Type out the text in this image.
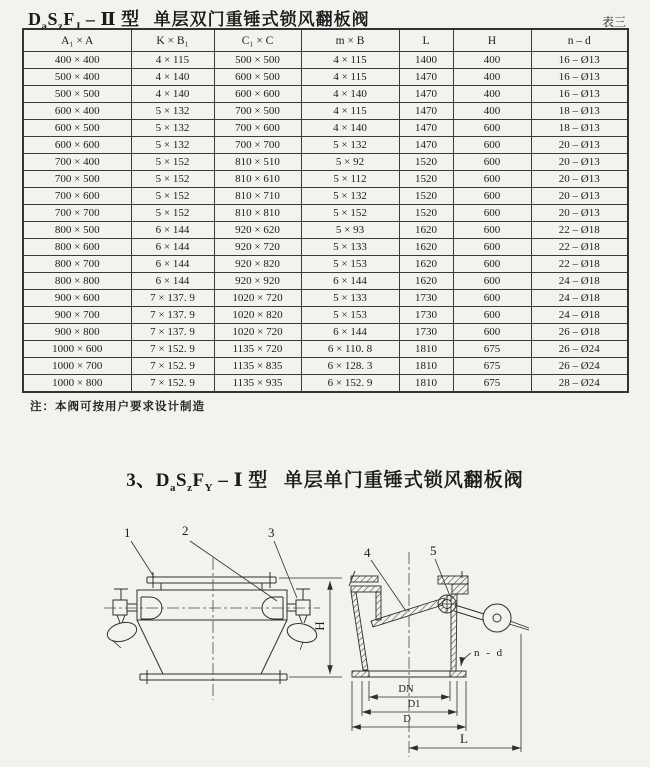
$D_aS_zF_J$ – Ⅱ 型 单层双门重锤式锁风翻板阀	表三
A₁ × A	K × B₁	C₁ × C	m × B	L	H	n – d
400 × 400	4 × 115	500 × 500	4 × 115	1400	400	16 – Ø13
500 × 400	4 × 140	600 × 500	4 × 115	1470	400	16 – Ø13
500 × 500	4 × 140	600 × 600	4 × 140	1470	400	16 – Ø13
600 × 400	5 × 132	700 × 500	4 × 115	1470	400	18 – Ø13
600 × 500	5 × 132	700 × 600	4 × 140	1470	600	18 – Ø13
600 × 600	5 × 132	700 × 700	5 × 132	1470	600	20 – Ø13
700 × 400	5 × 152	810 × 510	5 × 92	1520	600	20 – Ø13
700 × 500	5 × 152	810 × 610	5 × 112	1520	600	20 – Ø13
700 × 600	5 × 152	810 × 710	5 × 132	1520	600	20 – Ø13
700 × 700	5 × 152	810 × 810	5 × 152	1520	600	20 – Ø13
800 × 500	6 × 144	920 × 620	5 × 93	1620	600	22 – Ø18
800 × 600	6 × 144	920 × 720	5 × 133	1620	600	22 – Ø18
800 × 700	6 × 144	920 × 820	5 × 153	1620	600	22 – Ø18
800 × 800	6 × 144	920 × 920	6 × 144	1620	600	24 – Ø18
900 × 600	7 × 137. 9	1020 × 720	5 × 133	1730	600	24 – Ø18
900 × 700	7 × 137. 9	1020 × 820	5 × 153	1730	600	24 – Ø18
900 × 800	7 × 137. 9	1020 × 720	6 × 144	1730	600	26 – Ø18
1000 × 600	7 × 152. 9	1135 × 720	6 × 110. 8	1810	675	26 – Ø24
1000 × 700	7 × 152. 9	1135 × 835	6 × 128. 3	1810	675	26 – Ø24
1000 × 800	7 × 152. 9	1135 × 935	6 × 152. 9	1810	675	28 – Ø24
注：本阀可按用户要求设计制造
3、$D_aS_zF_Y$ – Ⅰ 型 单层单门重锤式锁风翻板阀
1	2	3
H
4	5
n - d
DN
D1
D
L
